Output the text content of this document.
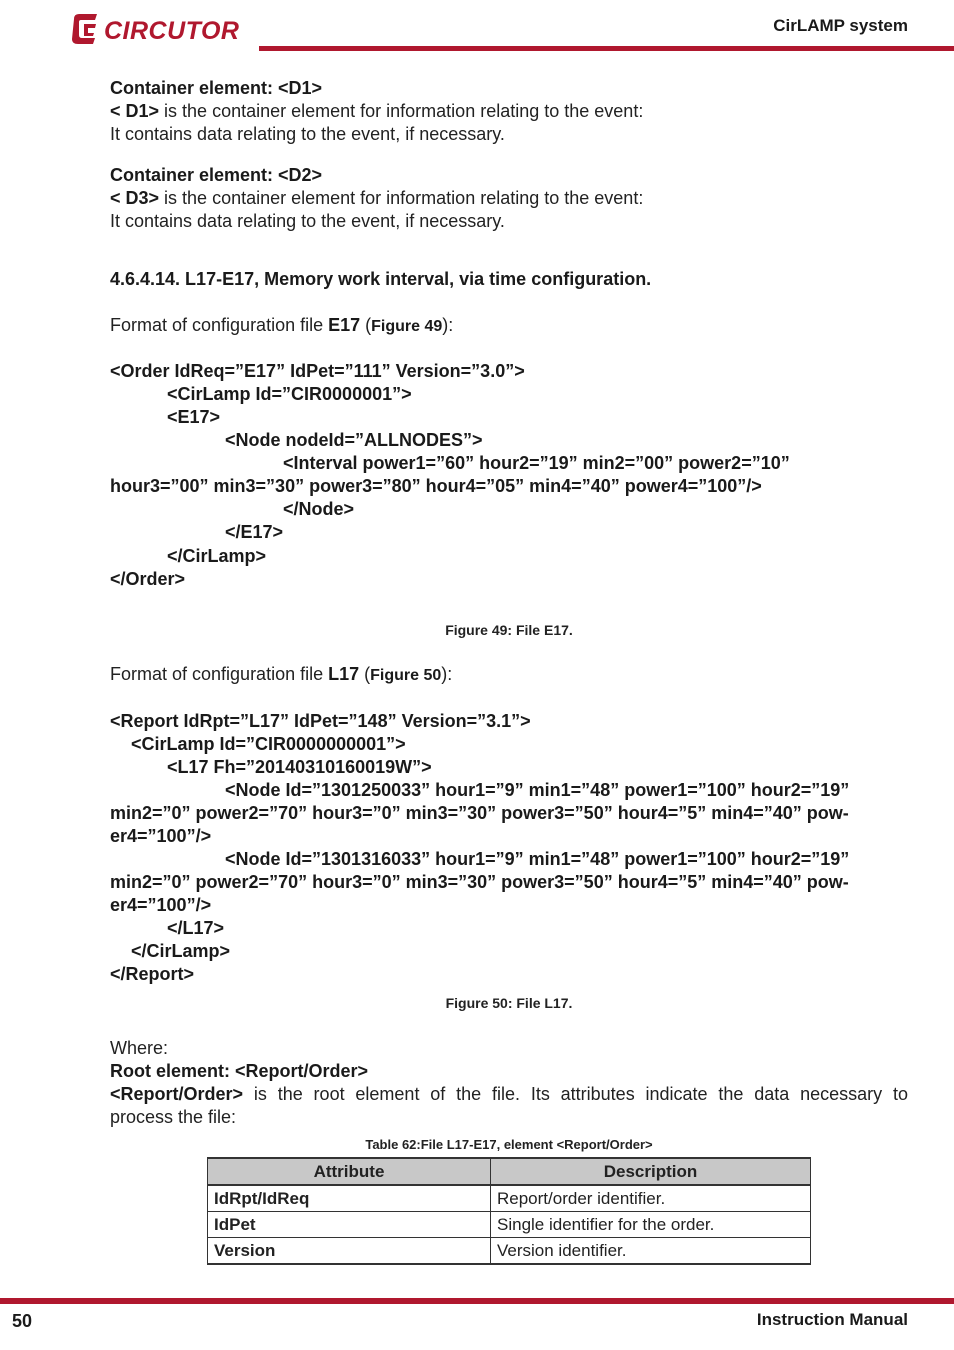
CIRCUTOR	CirLAMP system
Container element: <D1>
< D1> is the container element for information relating to the event:
It contains data relating to the event, if necessary.
Container element: <D2>
< D3> is the container element for information relating to the event:
It contains data relating to the event, if necessary.
4.6.4.14. L17-E17, Memory work interval, via time configuration.
Format of configuration file E17 (Figure 49):
<Order IdReq=”E17” IdPet=”111” Version=”3.0”>
<CirLamp Id=”CIR0000001”>
<E17>
<Node nodeId=”ALLNODES”>
<Interval power1=”60” hour2=”19” min2=”00” power2=”10”
hour3=”00” min3=”30” power3=”80” hour4=”05” min4=”40” power4=”100”/>
</Node>
</E17>
</CirLamp>
</Order>
Figure 49: File E17.
Format of configuration file L17 (Figure 50):
<Report IdRpt=”L17” IdPet=”148” Version=”3.1”>
<CirLamp Id=”CIR0000000001”>
<L17 Fh=”20140310160019W”>
<Node Id=”1301250033” hour1=”9” min1=”48” power1=”100” hour2=”19”
min2=”0” power2=”70” hour3=”0” min3=”30” power3=”50” hour4=”5” min4=”40” pow-
er4=”100”/>
<Node Id=”1301316033” hour1=”9” min1=”48” power1=”100” hour2=”19”
min2=”0” power2=”70” hour3=”0” min3=”30” power3=”50” hour4=”5” min4=”40” pow-
er4=”100”/>
</L17>
</CirLamp>
</Report>
Figure 50: File L17.
Where:
Root element: <Report/Order>
<Report/Order> is the root element of the file. Its attributes indicate the data necessary to
process the file:
Table 62:File L17-E17, element <Report/Order>
Attribute	Description
IdRpt/IdReq	Report/order identifier.
IdPet	Single identifier for the order.
Version	Version identifier.
50	Instruction Manual
